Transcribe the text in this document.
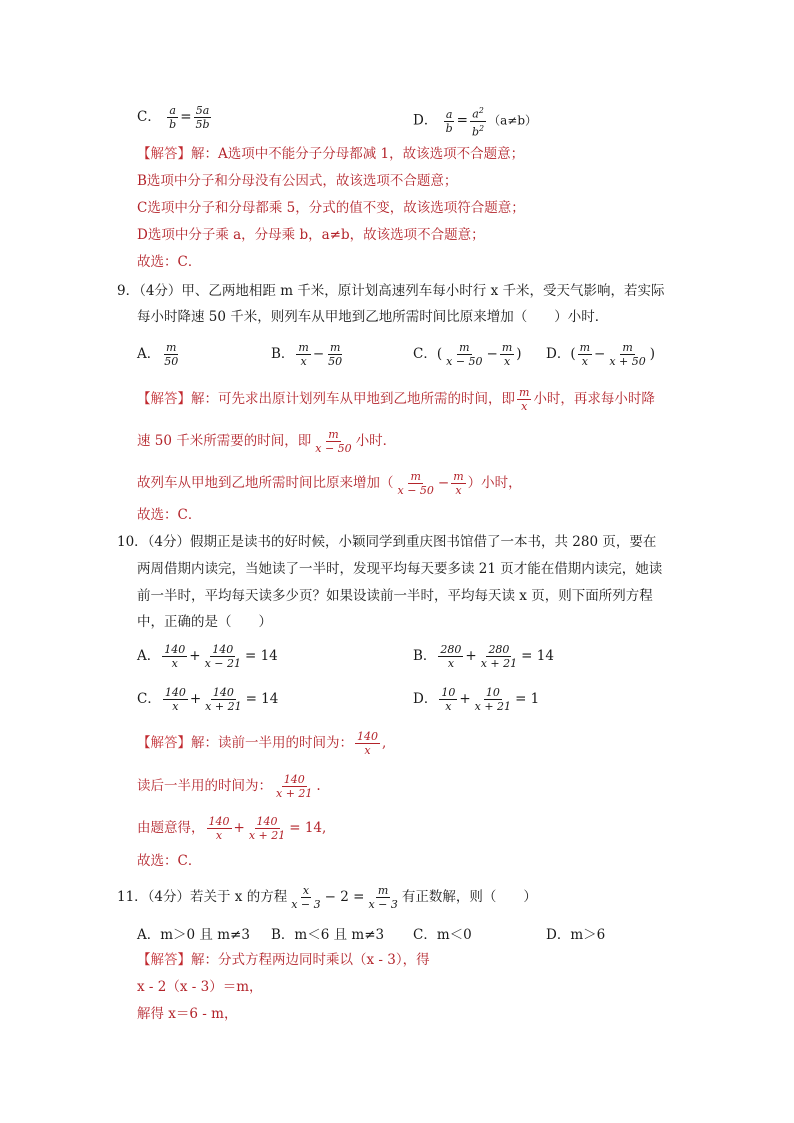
C． $\frac{a}{b} = \frac{5a}{5b}$	D． $\frac{a}{b} = \frac{a^2}{b^2} (a\ne b)$
【解答】解：A选项中不能分子分母都减 1，故该选项不合题意；
B选项中分子和分母没有公因式，故该选项不合题意；
C选项中分子和分母都乘 5，分式的值不变，故该选项符合题意；
D选项中分子乘 a，分母乘 b，a≠b，故该选项不合题意；
故选：C．
9．（4分）甲、乙两地相距 m 千米，原计划高速列车每小时行 x 千米，受天气影响，若实际
每小时降速 50 千米，则列车从甲地到乙地所需时间比原来增加（　　）小时．
A． $\frac{m}{50}$	B． $\frac{m}{x} - \frac{m}{50}$	C．( $\frac{m}{x - 50} - \frac{m}{x}$ ) D．( $\frac{m}{x} - \frac{m}{x + 50}$ )
【解答】解：可先求出原计划列车从甲地到乙地所需的时间，即 $\frac{m}{x}$ 小时，再求每小时降
速 50 千米所需要的时间，即 $\frac{m}{x - 50}$ 小时．
故列车从甲地到乙地所需时间比原来增加（ $\frac{m}{x - 50} - \frac{m}{x}$ ）小时，
故选：C．
10．（4分）假期正是读书的好时候，小颖同学到重庆图书馆借了一本书，共 280 页，要在
两周借期内读完，当她读了一半时，发现平均每天要多读 21 页才能在借期内读完，她读
前一半时，平均每天读多少页？如果设读前一半时，平均每天读 x 页，则下面所列方程
中，正确的是（　　）
A． $\frac{140}{x} + \frac{140}{x - 21} = 14$	B． $\frac{280}{x} + \frac{280}{x + 21} = 14$
C． $\frac{140}{x} + \frac{140}{x + 21} = 14$	D． $\frac{10}{x} + \frac{10}{x + 21} = 1$
【解答】解：读前一半用的时间为： $\frac{140}{x}$ ,
读后一半用的时间为： $\frac{140}{x + 21}$ .
由题意得， $\frac{140}{x} + \frac{140}{x + 21} = 14$,
故选：C．
11．（4分）若关于 x 的方程 $\frac{x}{x - 3} - 2 = \frac{m}{x - 3}$ 有正数解，则（　　）
A．m＞0 且 m≠3 B．m＜6 且 m≠3 C．m＜0	D．m＞6
【解答】解：分式方程两边同时乘以（x - 3），得
x - 2（x - 3）＝m，
解得 x＝6 - m，
